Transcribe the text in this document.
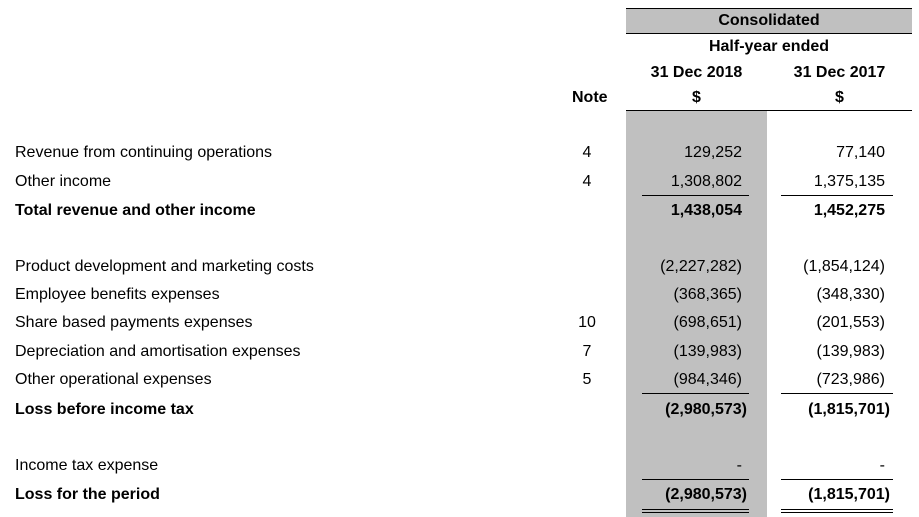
Consolidated
Half-year ended
31 Dec 2018	31 Dec 2017
$	$
Note
Revenue from continuing operations	4	129,252	77,140
Other income	4	1,308,802	1,375,135
Total revenue and other income	1,438,054	1,452,275
Product development and marketing costs	(2,227,282)	(1,854,124)
Employee benefits expenses	(368,365)	(348,330)
Share based payments expenses	10	(698,651)	(201,553)
Depreciation and amortisation expenses	7	(139,983)	(139,983)
Other operational expenses	5	(984,346)	(723,986)
Loss before income tax	(2,980,573)	(1,815,701)
Income tax expense	-	-
Loss for the period	(2,980,573)	(1,815,701)
